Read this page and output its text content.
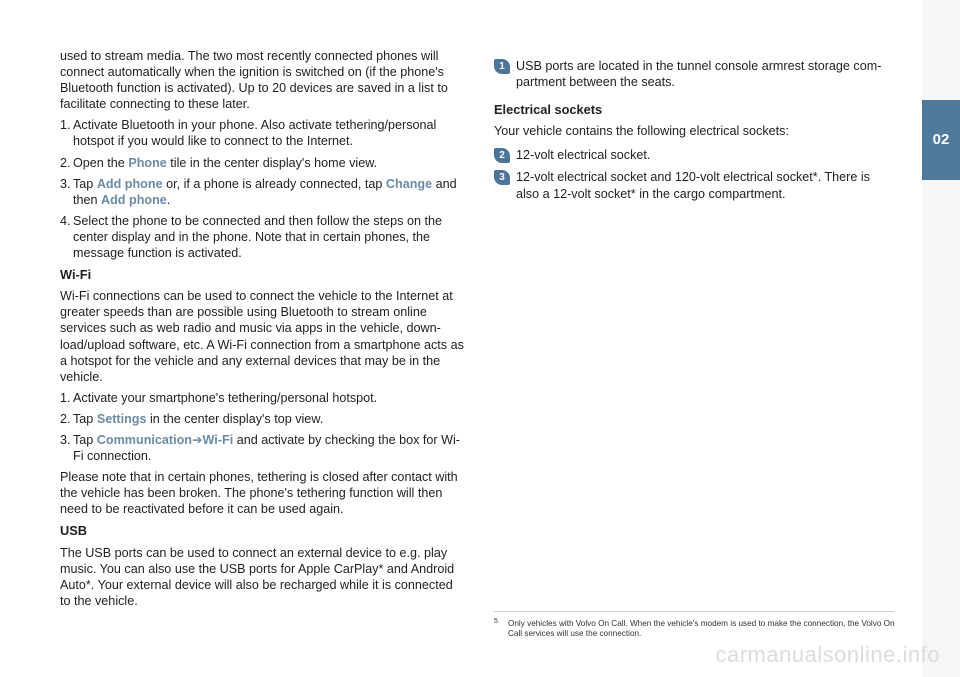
02

used to stream media. The two most recently connected phones will connect automatically when the ignition is switched on (if the phone's Bluetooth function is activated). Up to 20 devices are saved in a list to facilitate connecting to these later.

1. Activate Bluetooth in your phone. Also activate tethering/personal hotspot if you would like to connect to the Internet.
2. Open the Phone tile in the center display's home view.
3. Tap Add phone or, if a phone is already connected, tap Change and then Add phone.
4. Select the phone to be connected and then follow the steps on the center display and in the phone. Note that in certain phones, the message function is activated.
Wi-Fi

Wi-Fi connections can be used to connect the vehicle to the Internet at greater speeds than are possible using Bluetooth to stream online services such as web radio and music via apps in the vehicle, down-load/upload software, etc. A Wi-Fi connection from a smartphone acts as a hotspot for the vehicle and any external devices that may be in the vehicle.

1. Activate your smartphone's tethering/personal hotspot.
2. Tap Settings in the center display's top view.
3. Tap Communication➔Wi-Fi and activate by checking the box for Wi-Fi connection.

Please note that in certain phones, tethering is closed after contact with the vehicle has been broken. The phone's tethering function will then need to be reactivated before it can be used again.

USB

The USB ports can be used to connect an external device to e.g. play music. You can also use the USB ports for Apple CarPlay* and Android Auto*. Your external device will also be recharged while it is connected to the vehicle.

1 USB ports are located in the tunnel console armrest storage com-partment between the seats.
Electrical sockets

Your vehicle contains the following electrical sockets:

2 12-volt electrical socket.
3 12-volt electrical socket and 120-volt electrical socket*. There is also a 12-volt socket* in the cargo compartment.
5	Only vehicles with Volvo On Call. When the vehicle's modem is used to make the connection, the Volvo On Call services will use the connection.
carmanualsonline.info
